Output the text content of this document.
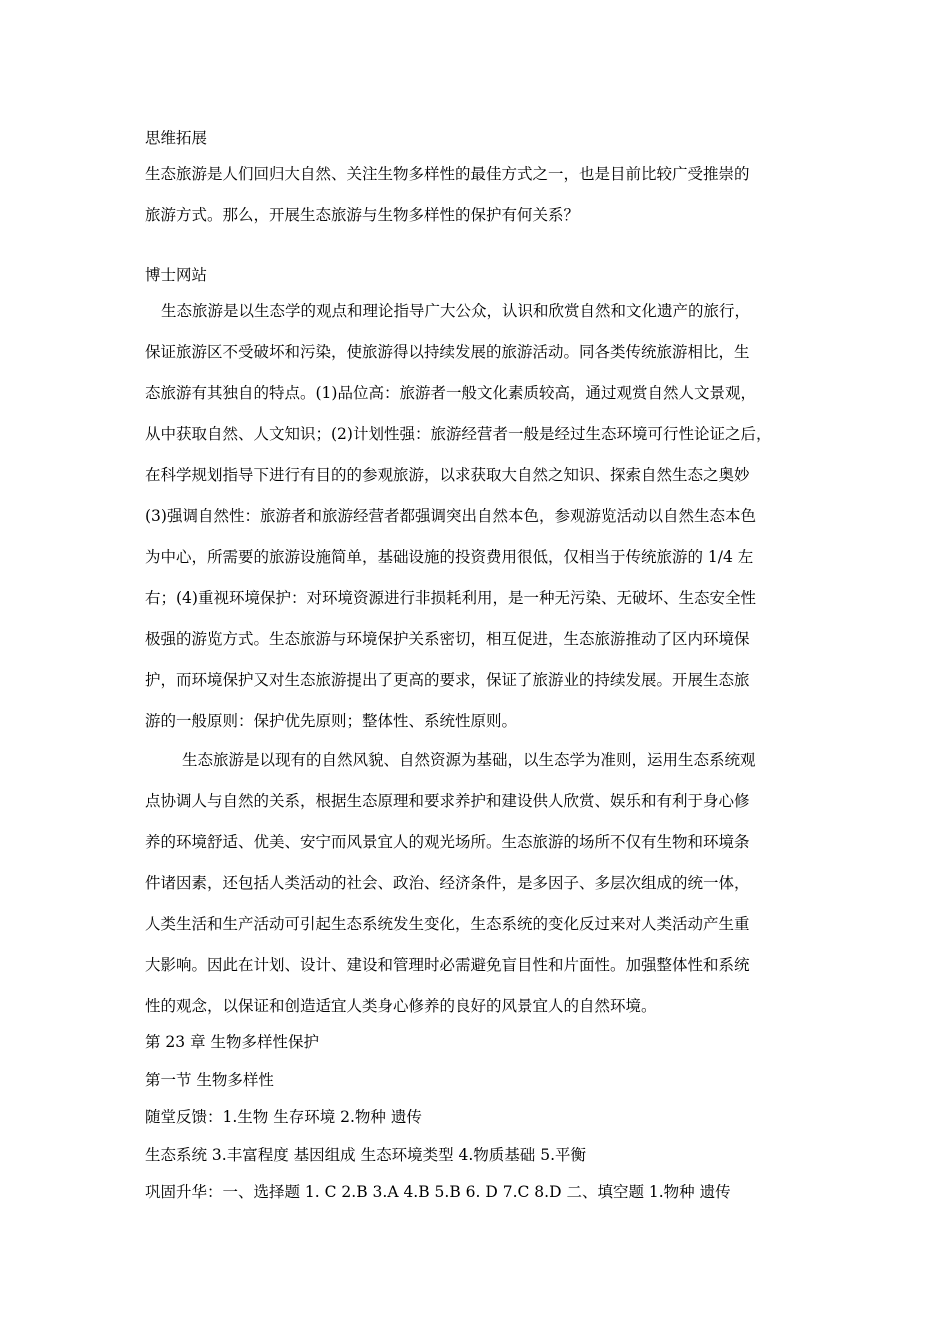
思维拓展
生态旅游是人们回归大自然、关注生物多样性的最佳方式之一，也是目前比较广受推崇的
旅游方式。那么，开展生态旅游与生物多样性的保护有何关系？
博士网站
生态旅游是以生态学的观点和理论指导广大公众，认识和欣赏自然和文化遗产的旅行，
保证旅游区不受破坏和污染，使旅游得以持续发展的旅游活动。同各类传统旅游相比，生
态旅游有其独自的特点。(1)品位高：旅游者一般文化素质较高，通过观赏自然人文景观，
从中获取自然、人文知识；(2)计划性强：旅游经营者一般是经过生态环境可行性论证之后，
在科学规划指导下进行有目的的参观旅游，以求获取大自然之知识、探索自然生态之奥妙
(3)强调自然性：旅游者和旅游经营者都强调突出自然本色，参观游览活动以自然生态本色
为中心，所需要的旅游设施简单，基础设施的投资费用很低，仅相当于传统旅游的 1/4 左
右；(4)重视环境保护：对环境资源进行非损耗利用，是一种无污染、无破坏、生态安全性
极强的游览方式。生态旅游与环境保护关系密切，相互促进，生态旅游推动了区内环境保
护，而环境保护又对生态旅游提出了更高的要求，保证了旅游业的持续发展。开展生态旅
游的一般原则：保护优先原则；整体性、系统性原则。
生态旅游是以现有的自然风貌、自然资源为基础，以生态学为准则，运用生态系统观
点协调人与自然的关系，根据生态原理和要求养护和建设供人欣赏、娱乐和有利于身心修
养的环境舒适、优美、安宁而风景宜人的观光场所。生态旅游的场所不仅有生物和环境条
件诸因素，还包括人类活动的社会、政治、经济条件，是多因子、多层次组成的统一体，
人类生活和生产活动可引起生态系统发生变化，生态系统的变化反过来对人类活动产生重
大影响。因此在计划、设计、建设和管理时必需避免盲目性和片面性。加强整体性和系统
性的观念，以保证和创造适宜人类身心修养的良好的风景宜人的自然环境。
第 23 章 生物多样性保护
第一节 生物多样性
随堂反馈：1.生物 生存环境 2.物种 遗传
生态系统 3.丰富程度 基因组成 生态环境类型 4.物质基础 5.平衡
巩固升华：一、选择题 1. C 2.B 3.A 4.B 5.B 6. D 7.C 8.D 二、填空题 1.物种 遗传
